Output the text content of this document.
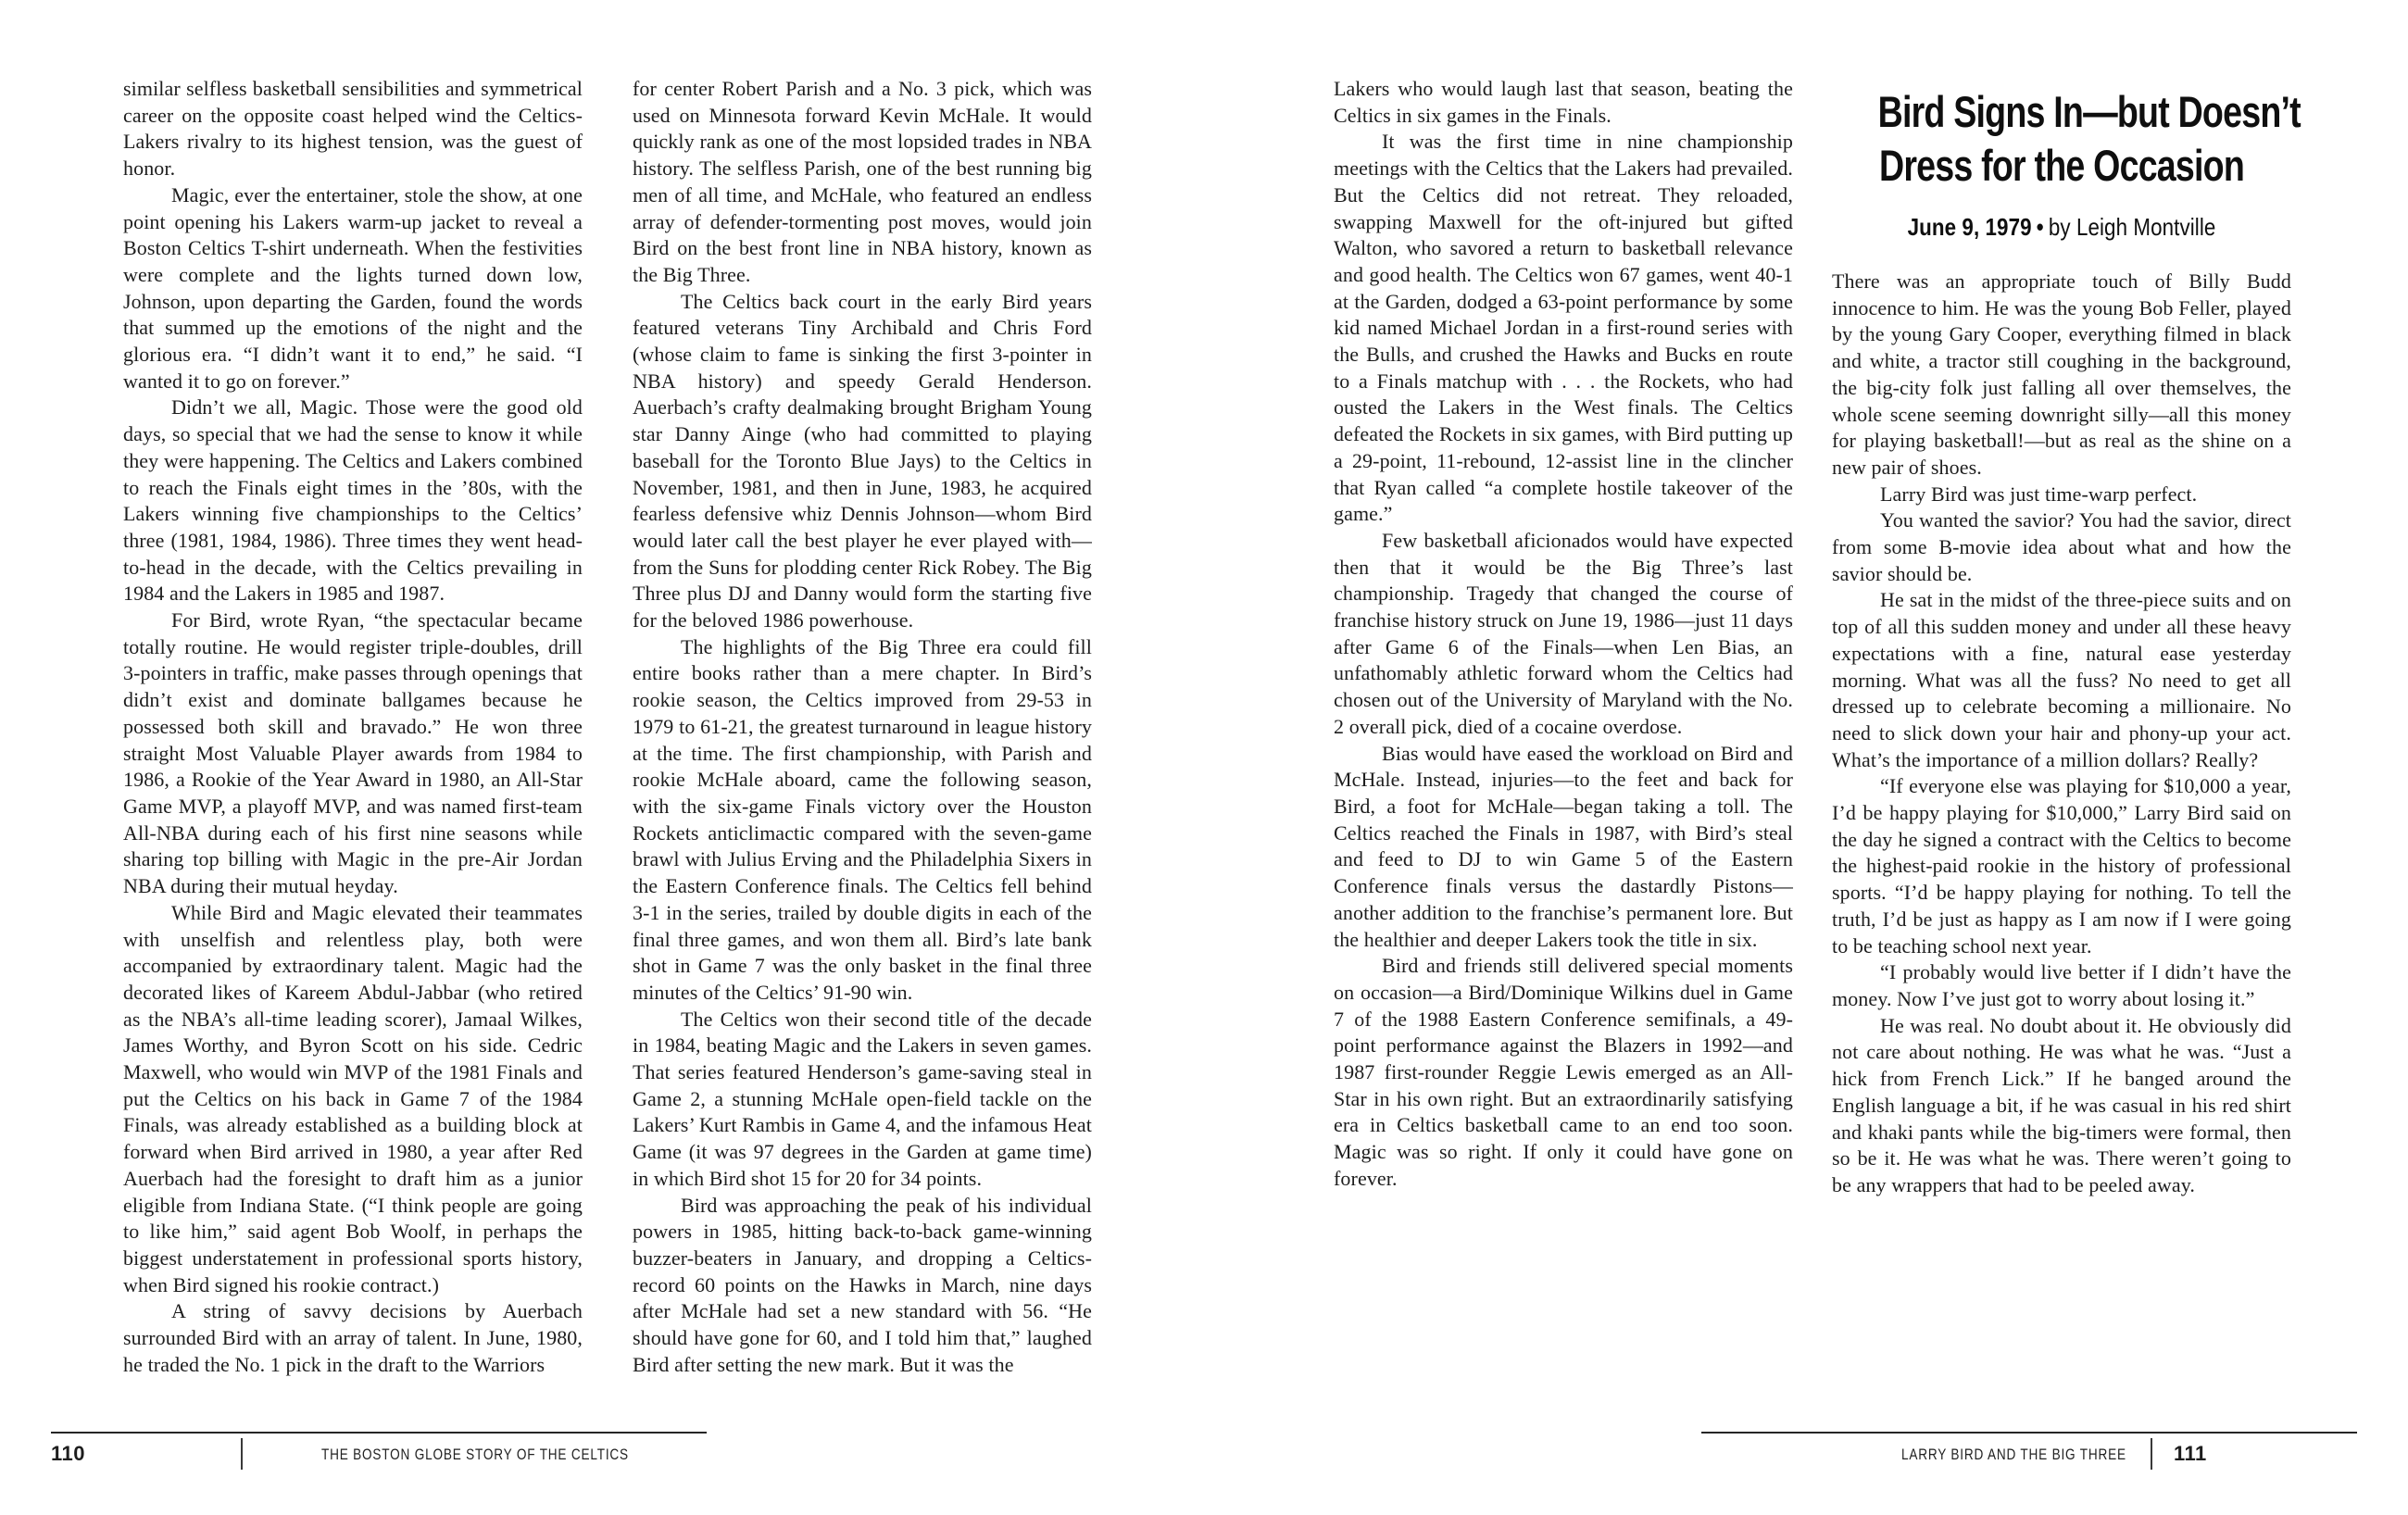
similar selfless basketball sensibilities and symmetrical career on the opposite coast helped wind the Celtics-Lakers rivalry to its highest tension, was the guest of honor.

Magic, ever the entertainer, stole the show, at one point opening his Lakers warm-up jacket to reveal a Boston Celtics T-shirt underneath. When the festivities were complete and the lights turned down low, Johnson, upon departing the Garden, found the words that summed up the emotions of the night and the glorious era. “I didn’t want it to end,” he said. “I wanted it to go on forever.”

Didn’t we all, Magic. Those were the good old days, so special that we had the sense to know it while they were happening. The Celtics and Lakers combined to reach the Finals eight times in the ’80s, with the Lakers winning five championships to the Celtics’ three (1981, 1984, 1986). Three times they went head-to-head in the decade, with the Celtics prevailing in 1984 and the Lakers in 1985 and 1987.

For Bird, wrote Ryan, “the spectacular became totally routine. He would register triple-doubles, drill 3-pointers in traffic, make passes through openings that didn’t exist and dominate ballgames because he possessed both skill and bravado.” He won three straight Most Valuable Player awards from 1984 to 1986, a Rookie of the Year Award in 1980, an All-Star Game MVP, a playoff MVP, and was named first-team All-NBA during each of his first nine seasons while sharing top billing with Magic in the pre-Air Jordan NBA during their mutual heyday.

While Bird and Magic elevated their teammates with unselfish and relentless play, both were accompanied by extraordinary talent. Magic had the decorated likes of Kareem Abdul-Jabbar (who retired as the NBA’s all-time leading scorer), Jamaal Wilkes, James Worthy, and Byron Scott on his side. Cedric Maxwell, who would win MVP of the 1981 Finals and put the Celtics on his back in Game 7 of the 1984 Finals, was already established as a building block at forward when Bird arrived in 1980, a year after Red Auerbach had the foresight to draft him as a junior eligible from Indiana State. (“I think people are going to like him,” said agent Bob Woolf, in perhaps the biggest understatement in professional sports history, when Bird signed his rookie contract.)

A string of savvy decisions by Auerbach surrounded Bird with an array of talent. In June, 1980, he traded the No. 1 pick in the draft to the Warriors

for center Robert Parish and a No. 3 pick, which was used on Minnesota forward Kevin McHale. It would quickly rank as one of the most lopsided trades in NBA history. The selfless Parish, one of the best running big men of all time, and McHale, who featured an endless array of defender-tormenting post moves, would join Bird on the best front line in NBA history, known as the Big Three.

The Celtics back court in the early Bird years featured veterans Tiny Archibald and Chris Ford (whose claim to fame is sinking the first 3-pointer in NBA history) and speedy Gerald Henderson. Auerbach’s crafty dealmaking brought Brigham Young star Danny Ainge (who had committed to playing baseball for the Toronto Blue Jays) to the Celtics in November, 1981, and then in June, 1983, he acquired fearless defensive whiz Dennis Johnson—whom Bird would later call the best player he ever played with—from the Suns for plodding center Rick Robey. The Big Three plus DJ and Danny would form the starting five for the beloved 1986 powerhouse.

The highlights of the Big Three era could fill entire books rather than a mere chapter. In Bird’s rookie season, the Celtics improved from 29-53 in 1979 to 61-21, the greatest turnaround in league history at the time. The first championship, with Parish and rookie McHale aboard, came the following season, with the six-game Finals victory over the Houston Rockets anticlimactic compared with the seven-game brawl with Julius Erving and the Philadelphia Sixers in the Eastern Conference finals. The Celtics fell behind 3-1 in the series, trailed by double digits in each of the final three games, and won them all. Bird’s late bank shot in Game 7 was the only basket in the final three minutes of the Celtics’ 91-90 win.

The Celtics won their second title of the decade in 1984, beating Magic and the Lakers in seven games. That series featured Henderson’s game-saving steal in Game 2, a stunning McHale open-field tackle on the Lakers’ Kurt Rambis in Game 4, and the infamous Heat Game (it was 97 degrees in the Garden at game time) in which Bird shot 15 for 20 for 34 points.

Bird was approaching the peak of his individual powers in 1985, hitting back-to-back game-winning buzzer-beaters in January, and dropping a Celtics-record 60 points on the Hawks in March, nine days after McHale had set a new standard with 56. “He should have gone for 60, and I told him that,” laughed Bird after setting the new mark. But it was the

Lakers who would laugh last that season, beating the Celtics in six games in the Finals.

It was the first time in nine championship meetings with the Celtics that the Lakers had prevailed. But the Celtics did not retreat. They reloaded, swapping Maxwell for the oft-injured but gifted Walton, who savored a return to basketball relevance and good health. The Celtics won 67 games, went 40-1 at the Garden, dodged a 63-point performance by some kid named Michael Jordan in a first-round series with the Bulls, and crushed the Hawks and Bucks en route to a Finals matchup with . . . the Rockets, who had ousted the Lakers in the West finals. The Celtics defeated the Rockets in six games, with Bird putting up a 29-point, 11-rebound, 12-assist line in the clincher that Ryan called “a complete hostile takeover of the game.”

Few basketball aficionados would have expected then that it would be the Big Three’s last championship. Tragedy that changed the course of franchise history struck on June 19, 1986—just 11 days after Game 6 of the Finals—when Len Bias, an unfathomably athletic forward whom the Celtics had chosen out of the University of Maryland with the No. 2 overall pick, died of a cocaine overdose.

Bias would have eased the workload on Bird and McHale. Instead, injuries—to the feet and back for Bird, a foot for McHale—began taking a toll. The Celtics reached the Finals in 1987, with Bird’s steal and feed to DJ to win Game 5 of the Eastern Conference finals versus the dastardly Pistons—another addition to the franchise’s permanent lore. But the healthier and deeper Lakers took the title in six.

Bird and friends still delivered special moments on occasion—a Bird/Dominique Wilkins duel in Game 7 of the 1988 Eastern Conference semifinals, a 49-point performance against the Blazers in 1992—and 1987 first-rounder Reggie Lewis emerged as an All-Star in his own right. But an extraordinarily satisfying era in Celtics basketball came to an end too soon. Magic was so right. If only it could have gone on forever.

Bird Signs In—but Doesn’t
Dress for the Occasion
June 9, 1979 • by Leigh Montville

There was an appropriate touch of Billy Budd innocence to him. He was the young Bob Feller, played by the young Gary Cooper, everything filmed in black and white, a tractor still coughing in the background, the big-city folk just falling all over themselves, the whole scene seeming downright silly—all this money for playing basketball!—but as real as the shine on a new pair of shoes.

Larry Bird was just time-warp perfect.

You wanted the savior? You had the savior, direct from some B-movie idea about what and how the savior should be.

He sat in the midst of the three-piece suits and on top of all this sudden money and under all these heavy expectations with a fine, natural ease yesterday morning. What was all the fuss? No need to get all dressed up to celebrate becoming a millionaire. No need to slick down your hair and phony-up your act. What’s the importance of a million dollars? Really?

“If everyone else was playing for $10,000 a year, I’d be happy playing for $10,000,” Larry Bird said on the day he signed a contract with the Celtics to become the highest-paid rookie in the history of professional sports. “I’d be happy playing for nothing. To tell the truth, I’d be just as happy as I am now if I were going to be teaching school next year.

“I probably would live better if I didn’t have the money. Now I’ve just got to worry about losing it.”

He was real. No doubt about it. He obviously did not care about nothing. He was what he was. “Just a hick from French Lick.” If he banged around the English language a bit, if he was casual in his red shirt and khaki pants while the big-timers were formal, then so be it. He was what he was. There weren’t going to be any wrappers that had to be peeled away.

110	THE BOSTON GLOBE STORY OF THE CELTICS	LARRY BIRD AND THE BIG THREE 111
